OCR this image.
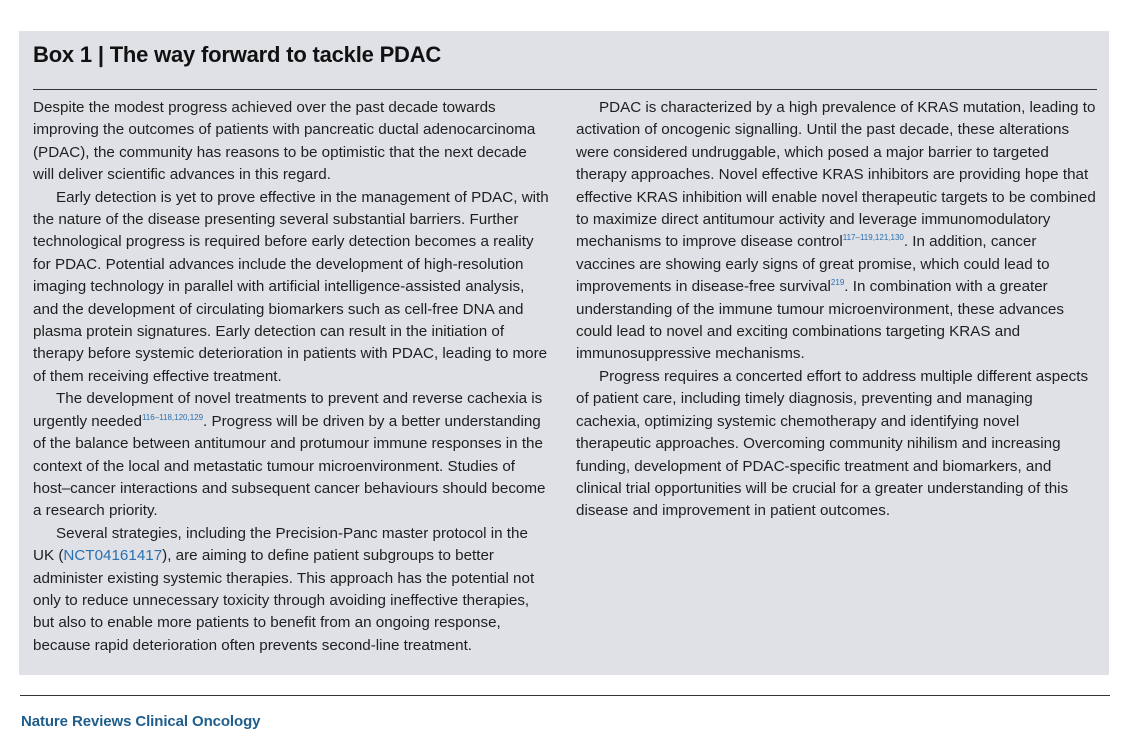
Box 1 | The way forward to tackle PDAC

Despite the modest progress achieved over the past decade towards improving the outcomes of patients with pancreatic ductal adenocarcinoma (PDAC), the community has reasons to be optimistic that the next decade will deliver scientific advances in this regard.

Early detection is yet to prove effective in the management of PDAC, with the nature of the disease presenting several substantial barriers. Further technological progress is required before early detection becomes a reality for PDAC. Potential advances include the development of high-resolution imaging technology in parallel with artificial intelligence-assisted analysis, and the development of circulating biomarkers such as cell-free DNA and plasma protein signatures. Early detection can result in the initiation of therapy before systemic deterioration in patients with PDAC, leading to more of them receiving effective treatment.

The development of novel treatments to prevent and reverse cachexia is urgently needed$^{116-118,120,129}$. Progress will be driven by a better understanding of the balance between antitumour and protumour immune responses in the context of the local and metastatic tumour microenvironment. Studies of host–cancer interactions and subsequent cancer behaviours should become a research priority.

Several strategies, including the Precision-Panc master protocol in the UK (NCT04161417), are aiming to define patient subgroups to better administer existing systemic therapies. This approach has the potential not only to reduce unnecessary toxicity through avoiding ineffective therapies, but also to enable more patients to benefit from an ongoing response, because rapid deterioration often prevents second-line treatment.

PDAC is characterized by a high prevalence of KRAS mutation, leading to activation of oncogenic signalling. Until the past decade, these alterations were considered undruggable, which posed a major barrier to targeted therapy approaches. Novel effective KRAS inhibitors are providing hope that effective KRAS inhibition will enable novel therapeutic targets to be combined to maximize direct antitumour activity and leverage immunomodulatory mechanisms to improve disease control$^{117-119,121,130}$. In addition, cancer vaccines are showing early signs of great promise, which could lead to improvements in disease-free survival$^{219}$. In combination with a greater understanding of the immune tumour microenvironment, these advances could lead to novel and exciting combinations targeting KRAS and immunosuppressive mechanisms.

Progress requires a concerted effort to address multiple different aspects of patient care, including timely diagnosis, preventing and managing cachexia, optimizing systemic chemotherapy and identifying novel therapeutic approaches. Overcoming community nihilism and increasing funding, development of PDAC-specific treatment and biomarkers, and clinical trial opportunities will be crucial for a greater understanding of this disease and improvement in patient outcomes.

Nature Reviews Clinical Oncology
